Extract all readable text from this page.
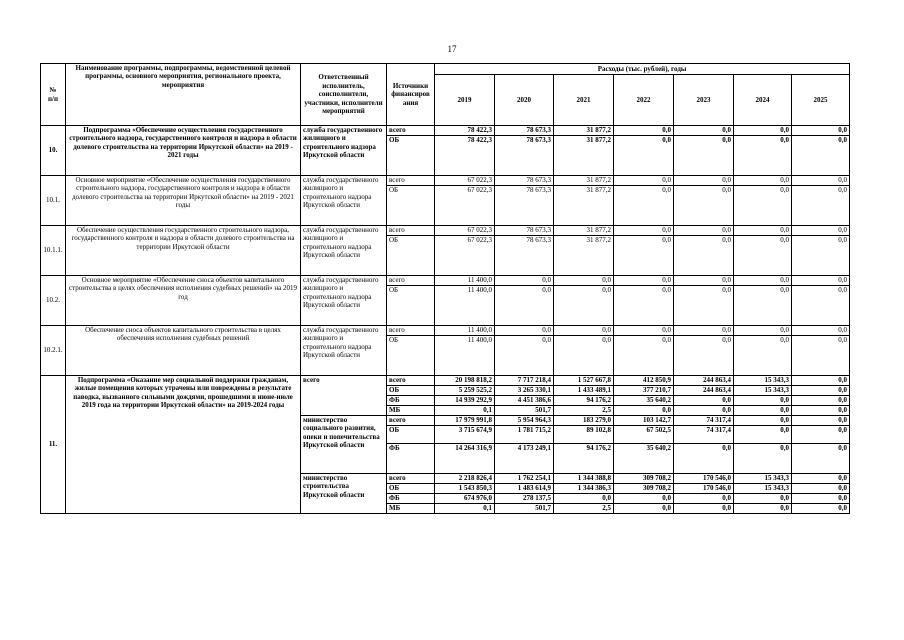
17
№
п/п	Наименование программы, подпрограммы, ведомственной целевой программы, основного мероприятия, регионального проекта, мероприятия	Ответственный исполнитель, соисполнители, участники, исполнители мероприятий	Источники финансиров ания	Расходы (тыс. рублей), годы						
				2019	2020	2021	2022	2023	2024	2025
10.	Подпрограмма «Обеспечение осуществления государственного строительного надзора, государственного контроля и надзора в области долевого строительства на территории Иркутской области» на 2019 - 2021 годы	служба государственного жилищного и строительного надзора Иркутской области	всего	78 422,3	78 673,3	31 877,2	0,0	0,0	0,0	0,0
			ОБ	78 422,3	78 673,3	31 877,2	0,0	0,0	0,0	0,0
10.1.	Основное мероприятие «Обеспечение осуществления государственного строительного надзора, государственного контроля и надзора в области долевого строительства на территории Иркутской области» на 2019 - 2021 годы	служба государственного жилищного и строительного надзора Иркутской области	всего	67 022,3	78 673,3	31 877,2	0,0	0,0	0,0	0,0
			ОБ	67 022,3	78 673,3	31 877,2	0,0	0,0	0,0	0,0
10.1.1.	Обеспечение осуществления государственного строительного надзора, государственного контроля и надзора в области долевого строительства на территории Иркутской области	служба государственного жилищного и строительного надзора Иркутской области	всего	67 022,3	78 673,3	31 877,2	0,0	0,0	0,0	0,0
			ОБ	67 022,3	78 673,3	31 877,2	0,0	0,0	0,0	0,0
10.2.	Основное мероприятие «Обеспечение сноса объектов капитального строительства в целях обеспечения исполнения судебных решений» на 2019 год	служба государственного жилищного и строительного надзора Иркутской области	всего	11 400,0	0,0	0,0	0,0	0,0	0,0	0,0
			ОБ	11 400,0	0,0	0,0	0,0	0,0	0,0	0,0
10.2.1.	Обеспечение сноса объектов капитального строительства в целях обеспечения исполнения судебных решений	служба государственного жилищного и строительного надзора Иркутской области	всего	11 400,0	0,0	0,0	0,0	0,0	0,0	0,0
			ОБ	11 400,0	0,0	0,0	0,0	0,0	0,0	0,0
11.	Подпрограмма «Оказание мер социальной поддержки гражданам, жилые помещения которых утрачены или повреждены в результате паводка, вызванного сильными дождями, прошедшими в июне-июле 2019 года на территории Иркутской области» на 2019-2024 годы	всего	всего	20 198 818,2	7 717 218,4	1 527 667,8	412 850,9	244 863,4	15 343,3	0,0
			ОБ	5 259 525,2	3 265 330,1	1 433 489,1	377 210,7	244 863,4	15 343,3	0,0
			ФБ	14 939 292,9	4 451 386,6	94 176,2	35 640,2	0,0	0,0	0,0
			МБ	0,1	501,7	2,5	0,0	0,0	0,0	0,0
		министерство социального развития, опеки и попечительства Иркутской области	всего	17 979 991,8	5 954 964,3	183 279,0	103 142,7	74 317,4	0,0	0,0
			ОБ	3 715 674,9	1 781 715,2	89 102,8	67 502,5	74 317,4	0,0	0,0
			ФБ	14 264 316,9	4 173 249,1	94 176,2	35 640,2	0,0	0,0	0,0
		министерство строительства Иркутской области	всего	2 218 826,4	1 762 254,1	1 344 388,8	309 708,2	170 546,0	15 343,3	0,0
			ОБ	1 543 850,3	1 483 614,9	1 344 386,3	309 708,2	170 546,0	15 343,3	0,0
			ФБ	674 976,0	278 137,5	0,0	0,0	0,0	0,0	0,0
			МБ	0,1	501,7	2,5	0,0	0,0	0,0	0,0
